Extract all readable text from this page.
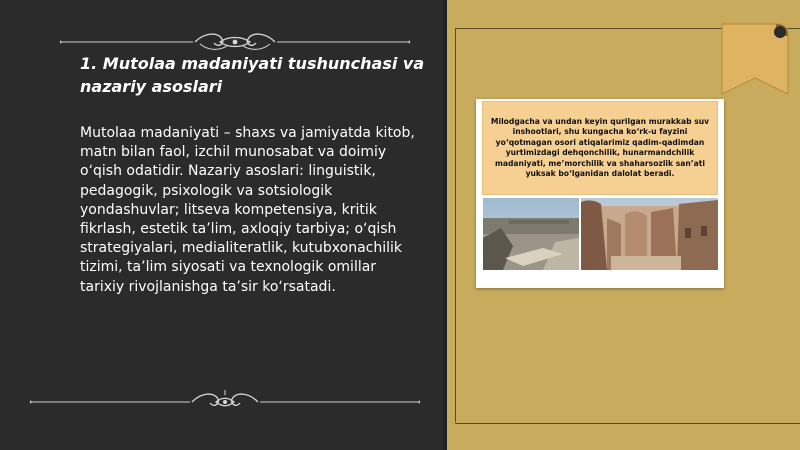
1. Mutolaa madaniyati tushunchasi va nazariy asoslari

Mutolaa madaniyati – shaxs va jamiyatda kitob, matn bilan faol, izchil munosabat va doimiy o‘qish odatidir. Nazariy asoslari: linguistik, pedagogik, psixologik va sotsiologik yondashuvlar; litseva kompetensiya, kritik fikrlash, estetik ta’lim, axloqiy tarbiya; o‘qish strategiyalari, medialiteratlik, kutubxonachilik tizimi, ta’lim siyosati va texnologik omillar tarixiy rivojlanishga ta’sir ko‘rsatadi.

Milodgacha va undan keyin qurilgan murakkab suv inshootlari, shu kungacha ko‘rk-u fayzini yo‘qotmagan osori atiqalarimiz qadim-qadimdan yurtimizdagi dehqonchilik, hunarmandchilik madaniyati, me’morchilik va shaharsozlik san’ati yuksak bo‘lganidan dalolat beradi.
